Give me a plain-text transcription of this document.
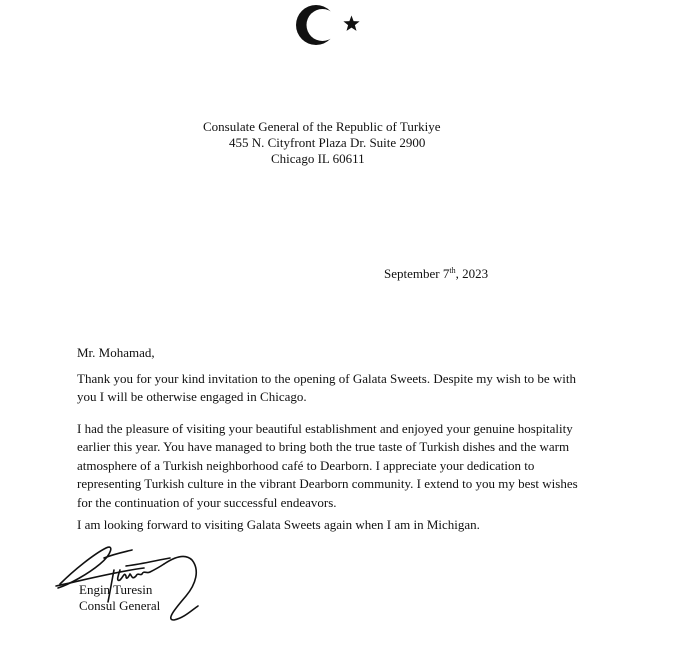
Consulate General of the Republic of Turkiye
455 N. Cityfront Plaza Dr. Suite 2900
Chicago IL 60611
September 7th, 2023
Mr. Mohamad,

Thank you for your kind invitation to the opening of Galata Sweets. Despite my wish to be with
you I will be otherwise engaged in Chicago.

I had the pleasure of visiting your beautiful establishment and enjoyed your genuine hospitality
earlier this year. You have managed to bring both the true taste of Turkish dishes and the warm
atmosphere of a Turkish neighborhood café to Dearborn. I appreciate your dedication to
representing Turkish culture in the vibrant Dearborn community. I extend to you my best wishes
for the continuation of your successful endeavors.

I am looking forward to visiting Galata Sweets again when I am in Michigan.

Engin Turesin
Consul General
